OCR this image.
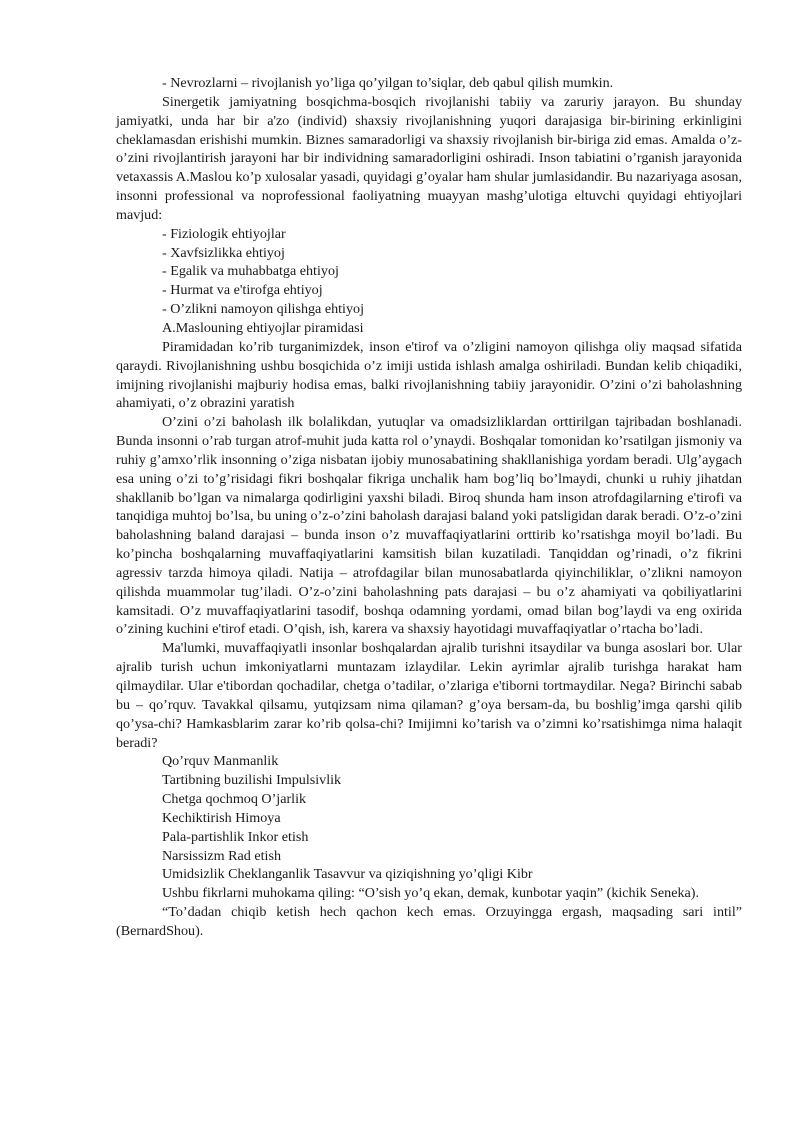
- Nevrozlarni – rivojlanish yo’liga qo’yilgan to’siqlar, deb qabul qilish mumkin.

Sinergetik jamiyatning bosqichma-bosqich rivojlanishi tabiiy va zaruriy jarayon. Bu shunday jamiyatki, unda har bir a'zo (individ) shaxsiy rivojlanishning yuqori darajasiga bir-birining erkinligini cheklamasdan erishishi mumkin. Biznes samaradorligi va shaxsiy rivojlanish bir-biriga zid emas. Amalda o’z-o’zini rivojlantirish jarayoni har bir individning samaradorligini oshiradi. Inson tabiatini o’rganish jarayonida vetaxassis A.Maslou ko’p xulosalar yasadi, quyidagi g’oyalar ham shular jumlasidandir. Bu nazariyaga asosan, insonni professional va noprofessional faoliyatning muayyan mashg’ulotiga eltuvchi quyidagi ehtiyojlari mavjud:

- Fiziologik ehtiyojlar

- Xavfsizlikka ehtiyoj

- Egalik va muhabbatga ehtiyoj

- Hurmat va e'tirofga ehtiyoj

- O’zlikni namoyon qilishga ehtiyoj

A.Maslouning ehtiyojlar piramidasi

Piramidadan ko’rib turganimizdek, inson e'tirof va o’zligini namoyon qilishga oliy maqsad sifatida qaraydi. Rivojlanishning ushbu bosqichida o’z imiji ustida ishlash amalga oshiriladi. Bundan kelib chiqadiki, imijning rivojlanishi majburiy hodisa emas, balki rivojlanishning tabiiy jarayonidir. O’zini o’zi baholashning ahamiyati, o’z obrazini yaratish

O’zini o’zi baholash ilk bolalikdan, yutuqlar va omadsizliklardan orttirilgan tajribadan boshlanadi. Bunda insonni o’rab turgan atrof-muhit juda katta rol o’ynaydi. Boshqalar tomonidan ko’rsatilgan jismoniy va ruhiy g’amxo’rlik insonning o’ziga nisbatan ijobiy munosabatining shakllanishiga yordam beradi. Ulg’aygach esa uning o’zi to’g’risidagi fikri boshqalar fikriga unchalik ham bog’liq bo’lmaydi, chunki u ruhiy jihatdan shakllanib bo’lgan va nimalarga qodirligini yaxshi biladi. Biroq shunda ham inson atrofdagilarning e'tirofi va tanqidiga muhtoj bo’lsa, bu uning o’z-o’zini baholash darajasi baland yoki patsligidan darak beradi. O’z-o’zini baholashning baland darajasi – bunda inson o’z muvaffaqiyatlarini orttirib ko’rsatishga moyil bo’ladi. Bu ko’pincha boshqalarning muvaffaqiyatlarini kamsitish bilan kuzatiladi. Tanqiddan og’rinadi, o’z fikrini agressiv tarzda himoya qiladi. Natija – atrofdagilar bilan munosabatlarda qiyinchiliklar, o’zlikni namoyon qilishda muammolar tug’iladi. O’z-o’zini baholashning pats darajasi – bu o’z ahamiyati va qobiliyatlarini kamsitadi. O’z muvaffaqiyatlarini tasodif, boshqa odamning yordami, omad bilan bog’laydi va eng oxirida o’zining kuchini e'tirof etadi. O’qish, ish, karera va shaxsiy hayotidagi muvaffaqiyatlar o’rtacha bo’ladi.

Ma'lumki, muvaffaqiyatli insonlar boshqalardan ajralib turishni itsaydilar va bunga asoslari bor. Ular ajralib turish uchun imkoniyatlarni muntazam izlaydilar. Lekin ayrimlar ajralib turishga harakat ham qilmaydilar. Ular e'tibordan qochadilar, chetga o’tadilar, o’zlariga e'tiborni tortmaydilar. Nega? Birinchi sabab bu – qo’rquv. Tavakkal qilsamu, yutqizsam nima qilaman? g’oya bersam-da, bu boshlig’imga qarshi qilib qo’ysa-chi? Hamkasblarim zarar ko’rib qolsa-chi? Imijimni ko’tarish va o’zimni ko’rsatishimga nima halaqit beradi?

Qo’rquv Manmanlik

Tartibning buzilishi Impulsivlik

Chetga qochmoq O’jarlik

Kechiktirish Himoya

Pala-partishlik Inkor etish

Narsissizm Rad etish

Umidsizlik Cheklanganlik Tasavvur va qiziqishning yo’qligi Kibr

Ushbu fikrlarni muhokama qiling: “O’sish yo’q ekan, demak, kunbotar yaqin” (kichik Seneka).

“To’dadan chiqib ketish hech qachon kech emas. Orzuyingga ergash, maqsading sari intil” (BernardShou).
